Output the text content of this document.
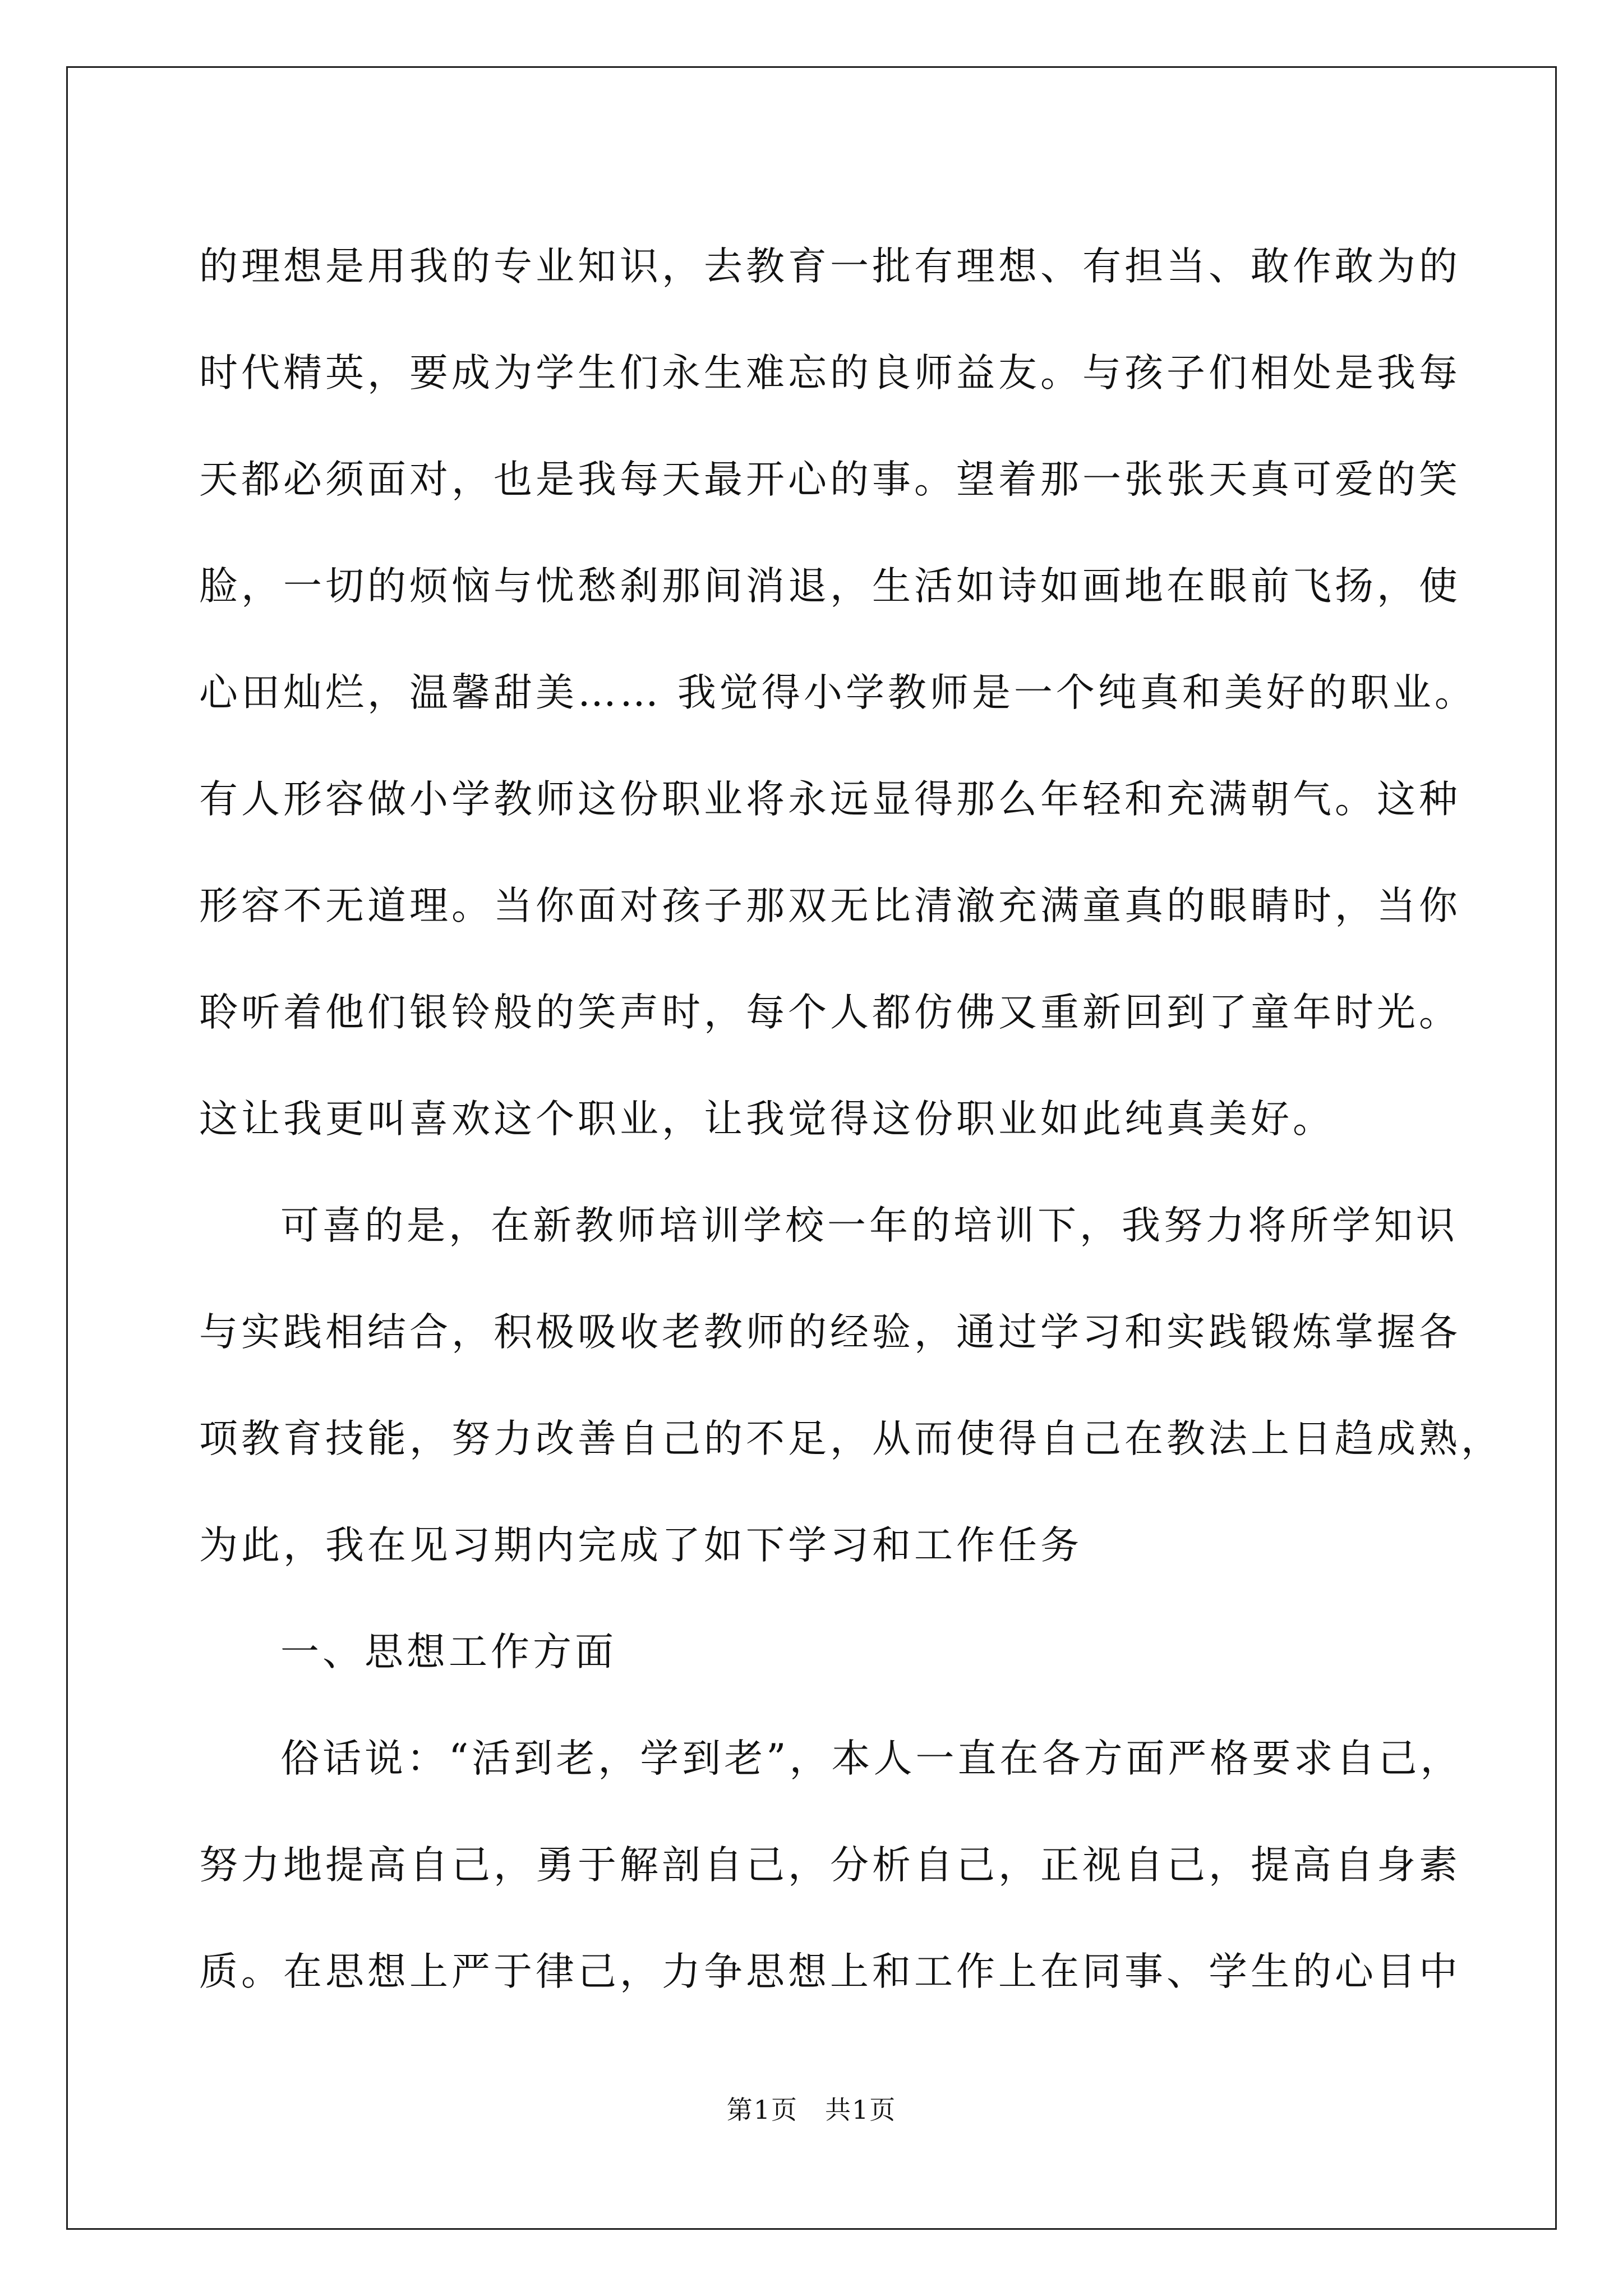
的理想是用我的专业知识，去教育一批有理想、有担当、敢作敢为的
时代精英，要成为学生们永生难忘的良师益友。与孩子们相处是我每
天都必须面对，也是我每天最开心的事。望着那一张张天真可爱的笑
脸，一切的烦恼与忧愁刹那间消退，生活如诗如画地在眼前飞扬，使
心田灿烂，温馨甜美…… 我觉得小学教师是一个纯真和美好的职业。
有人形容做小学教师这份职业将永远显得那么年轻和充满朝气。这种
形容不无道理。当你面对孩子那双无比清澈充满童真的眼睛时，当你
聆听着他们银铃般的笑声时，每个人都仿佛又重新回到了童年时光。
这让我更叫喜欢这个职业，让我觉得这份职业如此纯真美好。
可喜的是，在新教师培训学校一年的培训下，我努力将所学知识
与实践相结合，积极吸收老教师的经验，通过学习和实践锻炼掌握各
项教育技能，努力改善自己的不足，从而使得自己在教法上日趋成熟，
为此，我在见习期内完成了如下学习和工作任务
一、思想工作方面
俗话说：“活到老，学到老”，本人一直在各方面严格要求自己，
努力地提高自己，勇于解剖自己，分析自己，正视自己，提高自身素
质。在思想上严于律己，力争思想上和工作上在同事、学生的心目中
第1页　共1页
